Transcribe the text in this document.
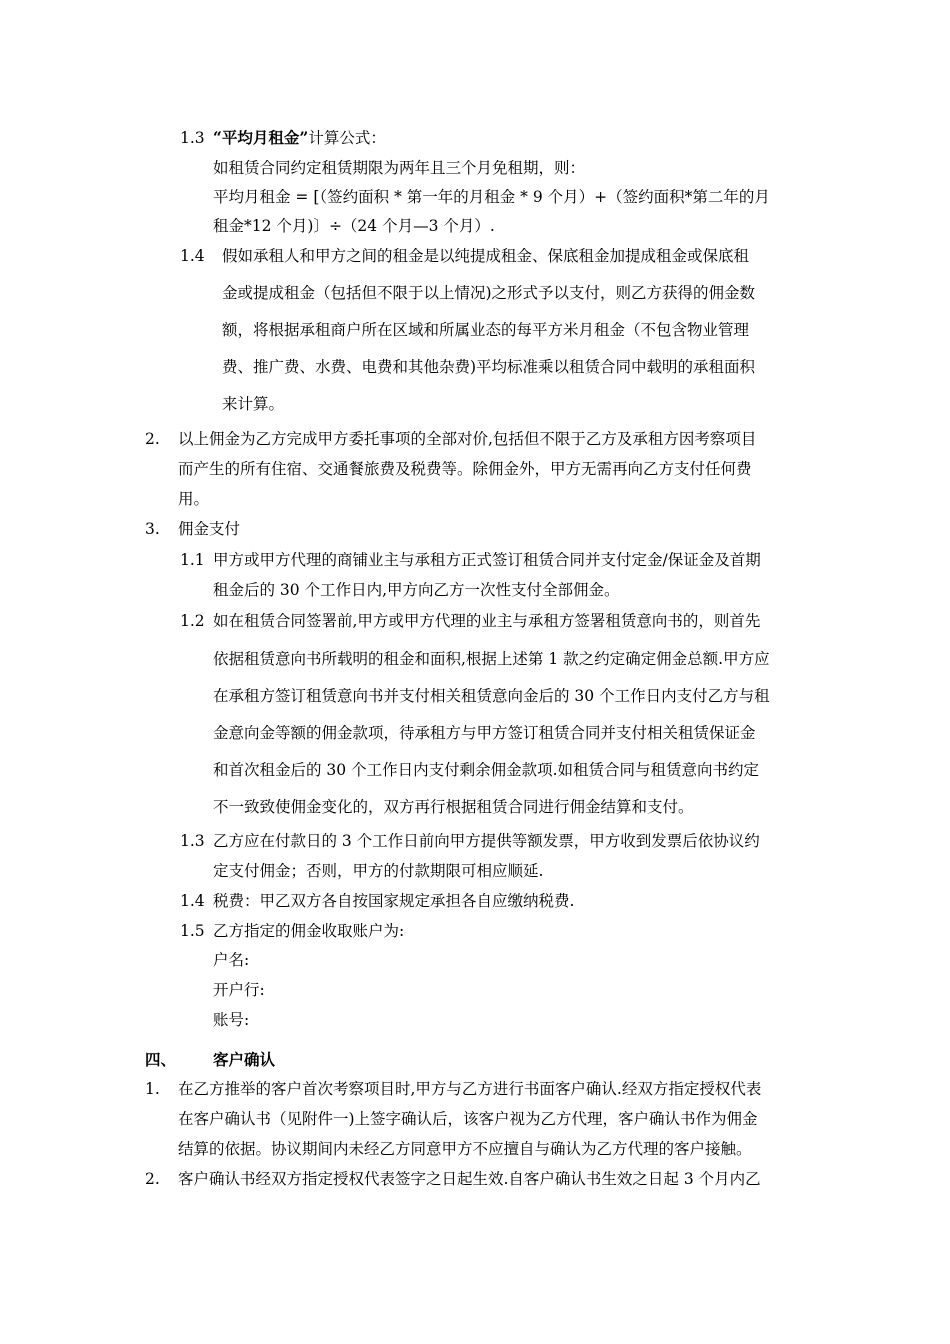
1.3 “平均月租金”计算公式：
如租赁合同约定租赁期限为两年且三个月免租期，则：
平均月租金 = [（签约面积 * 第一年的月租金 * 9 个月）+（签约面积*第二年的月
租金*12 个月)〕÷（24 个月—3 个月）.
1.4 假如承租人和甲方之间的租金是以纯提成租金、保底租金加提成租金或保底租
金或提成租金（包括但不限于以上情况)之形式予以支付，则乙方获得的佣金数
额，将根据承租商户所在区域和所属业态的每平方米月租金（不包含物业管理
费、推广费、水费、电费和其他杂费)平均标准乘以租赁合同中载明的承租面积
来计算。
2. 以上佣金为乙方完成甲方委托事项的全部对价,包括但不限于乙方及承租方因考察项目
而产生的所有住宿、交通餐旅费及税费等。除佣金外，甲方无需再向乙方支付任何费
用。
3. 佣金支付
1.1 甲方或甲方代理的商铺业主与承租方正式签订租赁合同并支付定金/保证金及首期
租金后的 30 个工作日内,甲方向乙方一次性支付全部佣金。
1.2 如在租赁合同签署前,甲方或甲方代理的业主与承租方签署租赁意向书的，则首先
依据租赁意向书所载明的租金和面积,根据上述第 1 款之约定确定佣金总额.甲方应
在承租方签订租赁意向书并支付相关租赁意向金后的 30 个工作日内支付乙方与租
金意向金等额的佣金款项，待承租方与甲方签订租赁合同并支付相关租赁保证金
和首次租金后的 30 个工作日内支付剩余佣金款项.如租赁合同与租赁意向书约定
不一致致使佣金变化的，双方再行根据租赁合同进行佣金结算和支付。
1.3 乙方应在付款日的 3 个工作日前向甲方提供等额发票，甲方收到发票后依协议约
定支付佣金；否则，甲方的付款期限可相应顺延.
1.4 税费：甲乙双方各自按国家规定承担各自应缴纳税费.
1.5 乙方指定的佣金收取账户为:
户名:
开户行:
账号:
四、 客户确认
1. 在乙方推举的客户首次考察项目时,甲方与乙方进行书面客户确认.经双方指定授权代表
在客户确认书（见附件一)上签字确认后，该客户视为乙方代理，客户确认书作为佣金
结算的依据。协议期间内未经乙方同意甲方不应擅自与确认为乙方代理的客户接触。
2. 客户确认书经双方指定授权代表签字之日起生效.自客户确认书生效之日起 3 个月内乙
